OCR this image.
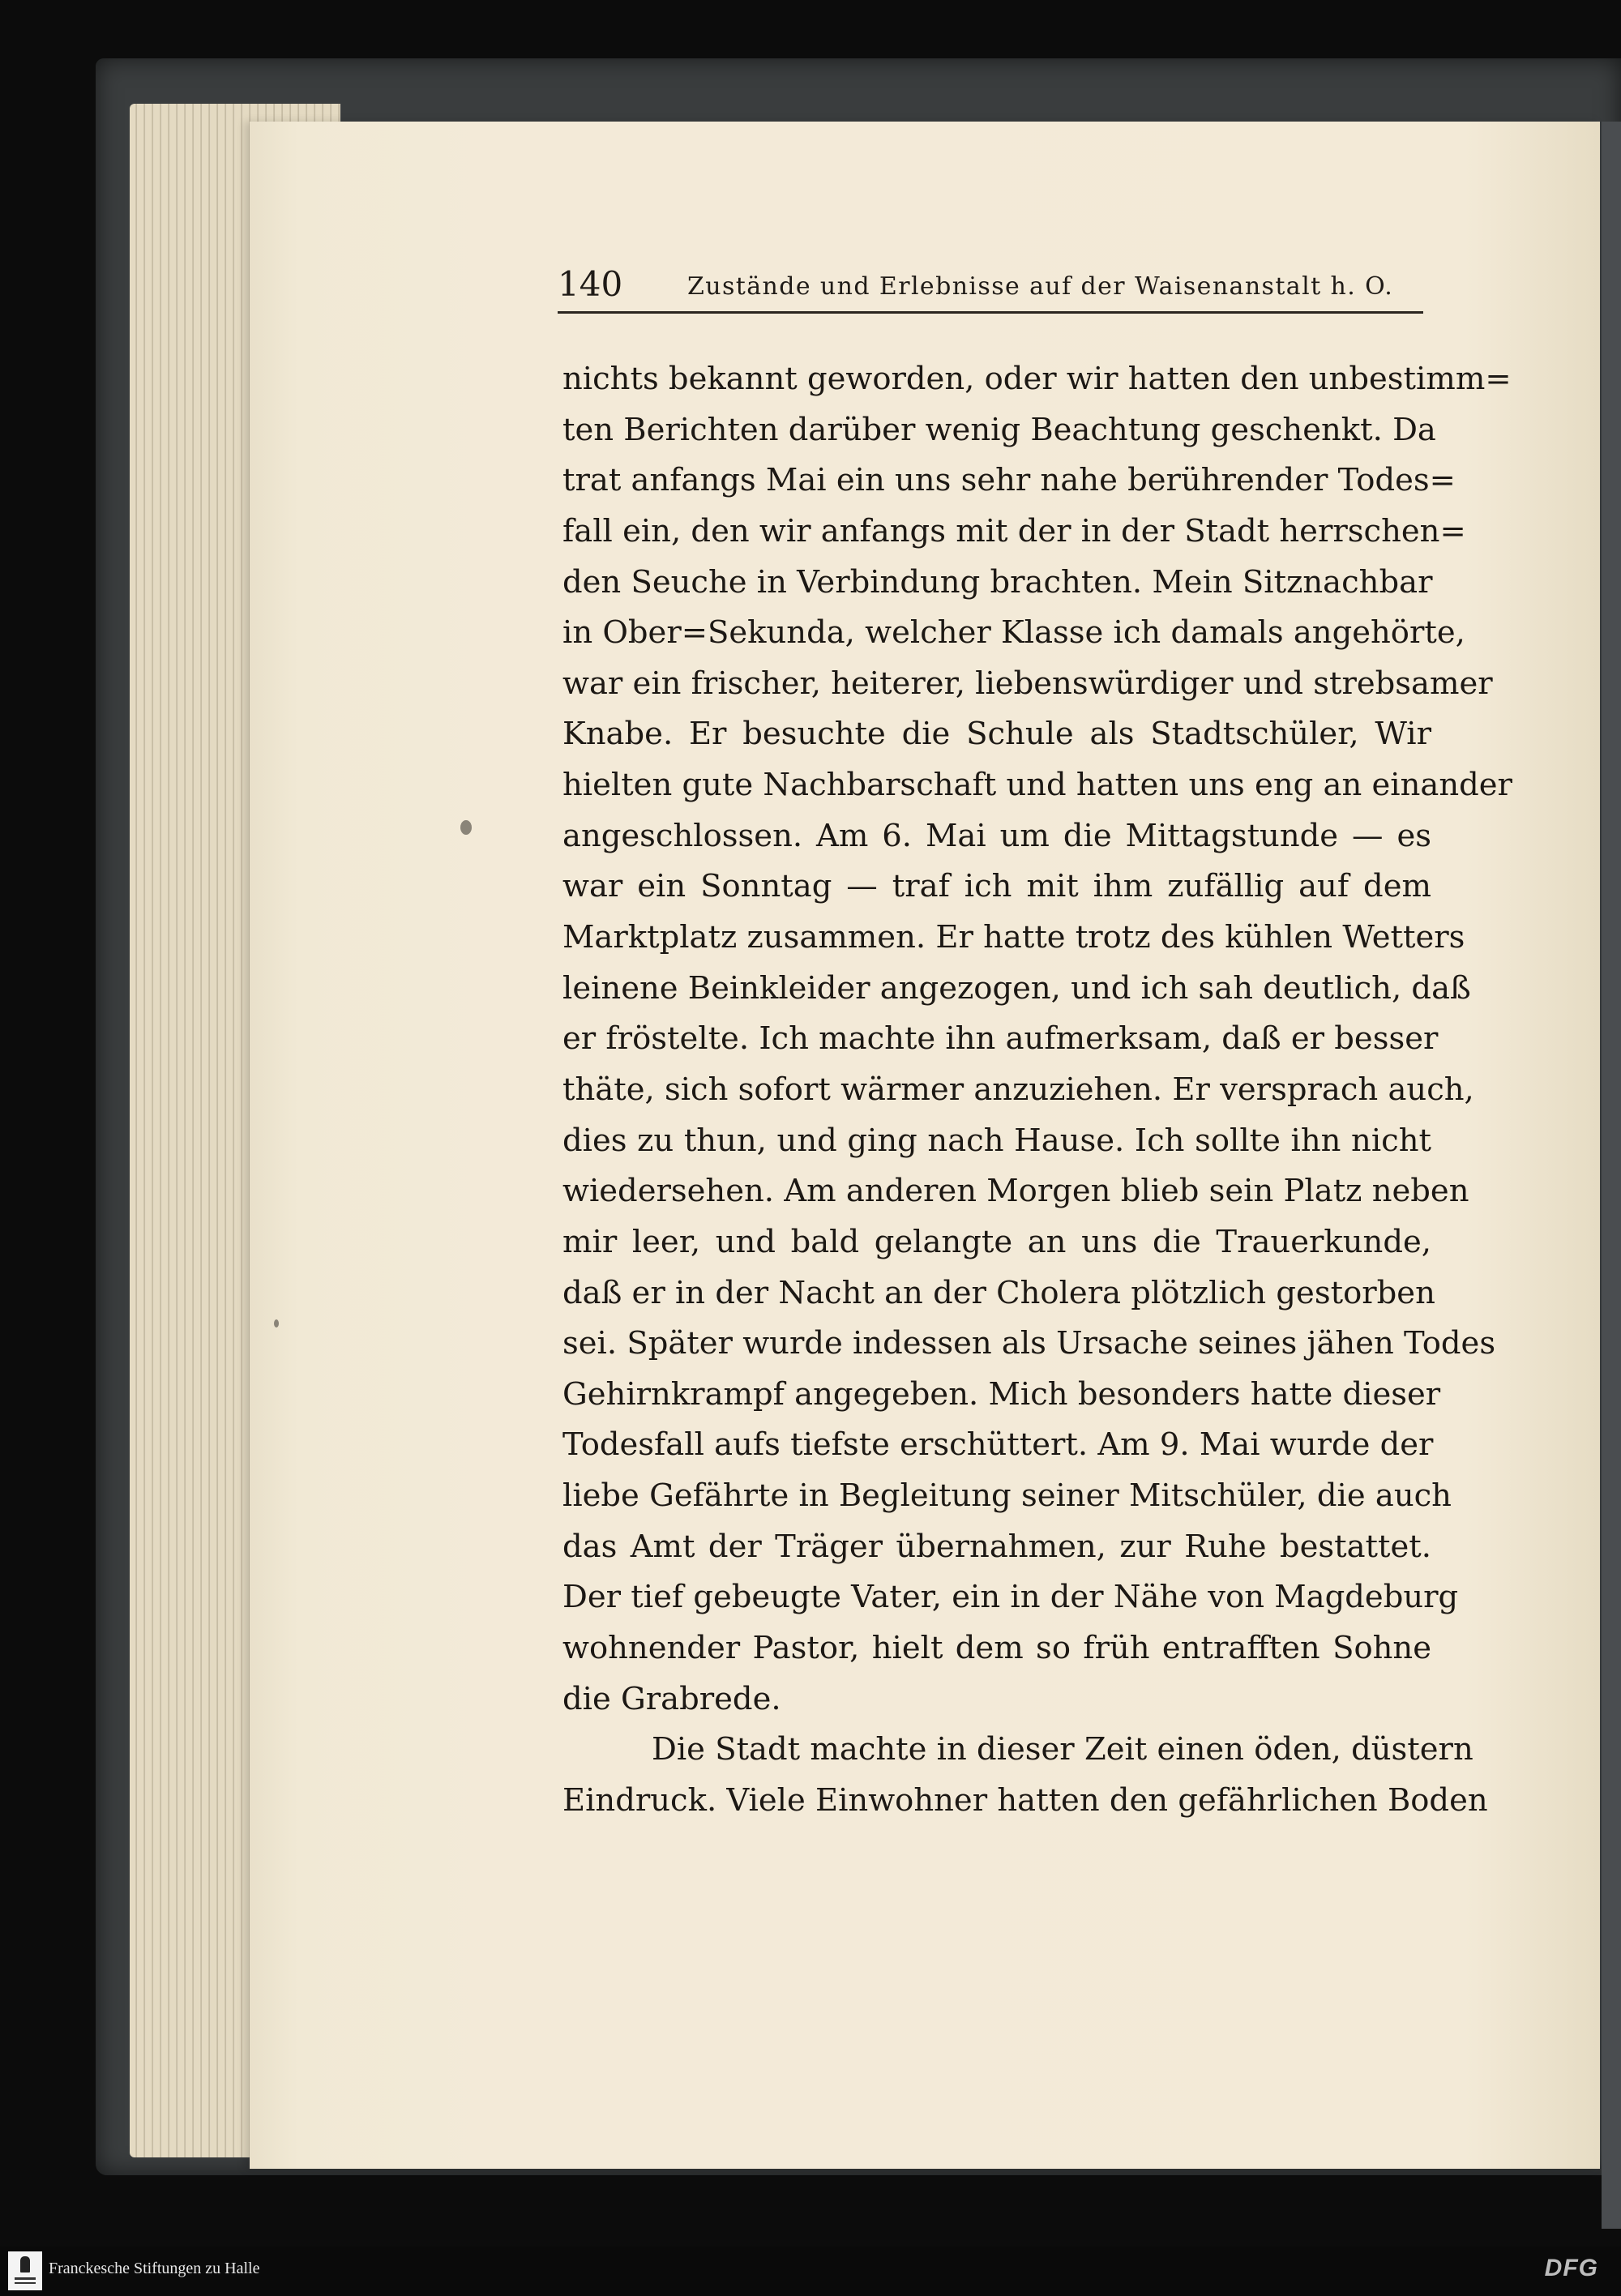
140	Zustände und Erlebnisse auf der Waisenanstalt h. O.
nichts bekannt geworden, oder wir hatten den unbestimm=
ten Berichten darüber wenig Beachtung geschenkt. Da
trat anfangs Mai ein uns sehr nahe berührender Todes=
fall ein, den wir anfangs mit der in der Stadt herrschen=
den Seuche in Verbindung brachten. Mein Sitznachbar
in Ober=Sekunda, welcher Klasse ich damals angehörte,
war ein frischer, heiterer, liebenswürdiger und strebsamer
Knabe. Er besuchte die Schule als Stadtschüler, Wir
hielten gute Nachbarschaft und hatten uns eng an einander
angeschlossen. Am 6. Mai um die Mittagstunde — es
war ein Sonntag — traf ich mit ihm zufällig auf dem
Marktplatz zusammen. Er hatte trotz des kühlen Wetters
leinene Beinkleider angezogen, und ich sah deutlich, daß
er fröstelte. Ich machte ihn aufmerksam, daß er besser
thäte, sich sofort wärmer anzuziehen. Er versprach auch,
dies zu thun, und ging nach Hause. Ich sollte ihn nicht
wiedersehen. Am anderen Morgen blieb sein Platz neben
mir leer, und bald gelangte an uns die Trauerkunde,
daß er in der Nacht an der Cholera plötzlich gestorben
sei. Später wurde indessen als Ursache seines jähen Todes
Gehirnkrampf angegeben. Mich besonders hatte dieser
Todesfall aufs tiefste erschüttert. Am 9. Mai wurde der
liebe Gefährte in Begleitung seiner Mitschüler, die auch
das Amt der Träger übernahmen, zur Ruhe bestattet.
Der tief gebeugte Vater, ein in der Nähe von Magdeburg
wohnender Pastor, hielt dem so früh entrafften Sohne
die Grabrede.
Die Stadt machte in dieser Zeit einen öden, düstern
Eindruck. Viele Einwohner hatten den gefährlichen Boden
Franckesche Stiftungen zu Halle	DFG
